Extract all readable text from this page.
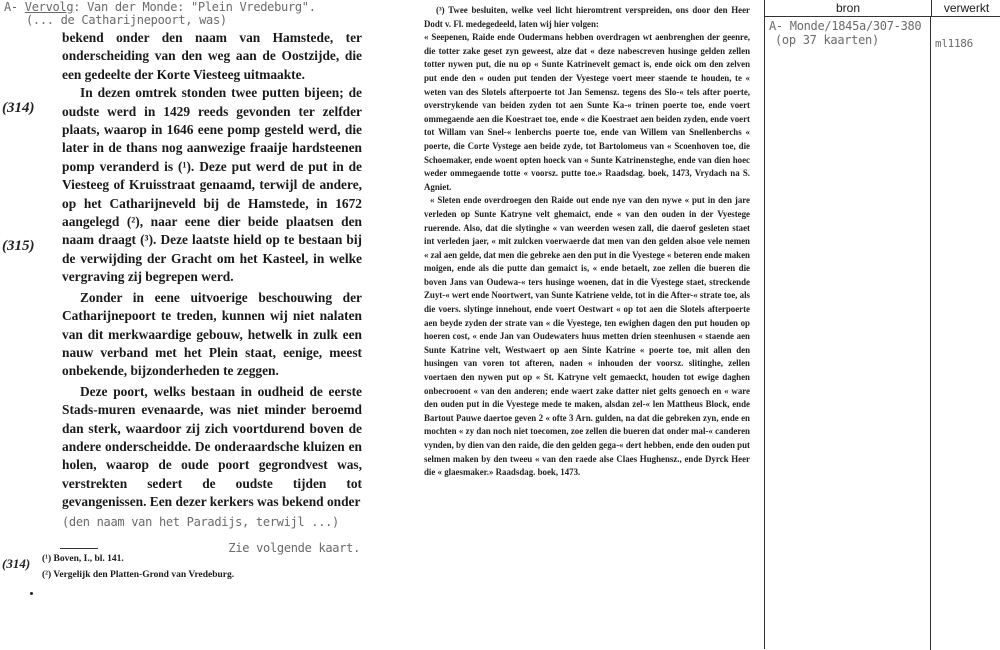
A- Vervolg: Van der Monde: "Plein Vredeburg".
(... de Catharijnepoort, was)
(314)
(315)
(314)

bekend onder den naam van Hamstede, ter onderscheiding van den weg aan de Oostzijde, die een gedeelte der Korte Viesteeg uitmaakte.

In dezen omtrek stonden twee putten bijeen; de oudste werd in 1429 reeds gevonden ter zelfder plaats, waarop in 1646 eene pomp gesteld werd, die later in de thans nog aanwezige fraaije hardsteenen pomp veranderd is (¹). Deze put werd de put in de Viesteeg of Kruisstraat genaamd, terwijl de andere, op het Catharijneveld bij de Hamstede, in 1672 aangelegd (²), naar eene dier beide plaatsen den naam draagt (³). Deze laatste hield op te bestaan bij de verwijding der Gracht om het Kasteel, in welke vergraving zij begrepen werd.

Zonder in eene uitvoerige beschouwing der Catharijnepoort te treden, kunnen wij niet nalaten van dit merkwaardige gebouw, hetwelk in zulk een nauw verband met het Plein staat, eenige, meest onbekende, bijzonderheden te zeggen.

Deze poort, welks bestaan in oudheid de eerste Stads-muren evenaarde, was niet minder beroemd dan sterk, waardoor zij zich voortdurend boven de andere onderscheidde. De onderaardsche kluizen en holen, waarop de oude poort gegrondvest was, verstrekten sedert de oudste tijden tot gevangenissen. Een dezer kerkers was bekend onder

(den naam van het Paradijs, terwijl ...)
Zie volgende kaart.
(¹) Boven, I., bl. 141.
(²) Vergelijk den Platten-Grond van Vredeburg.

(³) Twee besluiten, welke veel licht hieromtrent verspreiden, ons door den Heer Dodt v. Fl. medegedeeld, laten wij hier volgen:

« Seepenen, Raide ende Oudermans hebben overdragen wt aenbrenghen der geenre, die totter zake geset zyn geweest, alze dat « deze nabescreven husinge gelden zellen totter nywen put, die nu op « Sunte Katrinevelt gemact is, ende oick om den zelven put ende den « ouden put tenden der Vyestege voert meer staende te houden, te « weten van des Slotels afterpoerte tot Jan Semensz. tegens des Slo-« tels after poerte, overstrykende van beiden zyden tot aen Sunte Ka-« trinen poerte toe, ende voert ommegaende aen die Koestraet toe, ende « die Koestraet aen beiden zyden, ende voert tot Willam van Snel-« lenberchs poerte toe, ende van Willem van Snellenberchs « poerte, die Corte Vystege aen beide zyde, tot Bartolomeus van « Scoenhoven toe, die Schoemaker, ende woent opten hoeck van « Sunte Katrinensteghe, ende van dien hoec weder ommegaende totte « voorsz. putte toe.» Raadsdag. boek, 1473, Vrydach na S. Agniet.

« Sleten ende overdroegen den Raide out ende nye van den nywe « put in den jare verleden op Sunte Katryne velt ghemaict, ende « van den ouden in der Vyestege ruerende. Also, dat die slytinghe « van weerden wesen zall, die daerof gesleten staet int verleden jaer, « mit zulcken voerwaerde dat men van den gelden alsoe vele nemen « zal aen gelde, dat men die gebreke aen den put in die Vyestege « beteren ende maken moigen, ende als die putte dan gemaict is, « ende betaelt, zoe zellen die bueren die boven Jans van Oudewa-« ters husinge woenen, dat in die Vyestege staet, streckende Zuyt-« wert ende Noortwert, van Sunte Katriene velde, tot in die After-« strate toe, als die voers. slytinge innehout, ende voert Oestwart « op tot aen die Slotels afterpoerte aen beyde zyden der strate van « die Vyestege, ten ewighen dagen den put houden op hoeren cost, « ende Jan van Oudewaters huus metten drien steenhusen « staende aen Sunte Katrine velt, Westwaert op aen Sinte Katrine « poerte toe, mit allen den husingen van voren tot afteren, naden « inhouden der voorsz. slitinghe, zellen voertaen den nywen put op « St. Katryne velt gemaeckt, houden tot ewige daghen onbecrooent « van den anderen; ende waert zake datter niet gelts genoech en « ware den ouden put in die Vyestege mede te maken, alsdan zel-« len Mattheus Block, ende Bartout Pauwe daertoe geven 2 « ofte 3 Arn. gulden, na dat die gebreken zyn, ende en mochten « zy dan noch niet toecomen, zoe zellen die bueren dat onder mal-« canderen vynden, by dien van den raide, die den gelden gega-« dert hebben, ende den ouden put selmen maken by den tweeu « van den raede alse Claes Hughensz., ende Dyrck Heer die « glaesmaker.» Raadsdag. boek, 1473.

bron	verwerkt
A- Monde/1845a/307-380
(op 37 kaarten)	ml1186
